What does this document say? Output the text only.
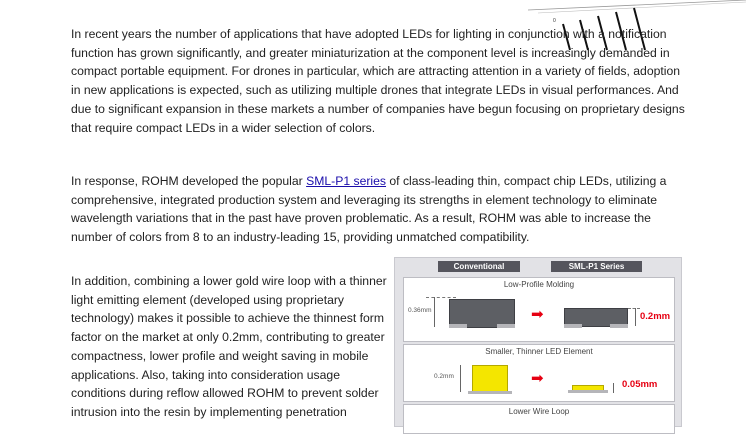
0

In recent years the number of applications that have adopted LEDs for lighting in conjunction with a notification function has grown significantly, and greater miniaturization at the component level is increasingly demanded in compact portable equipment. For drones in particular, which are attracting attention in a variety of fields, adoption in new applications is expected, such as utilizing multiple drones that integrate LEDs in visual performances. And due to significant expansion in these markets a number of companies have begun focusing on proprietary designs that require compact LEDs in a wider selection of colors.

In response, ROHM developed the popular SML-P1 series of class-leading thin, compact chip LEDs, utilizing a comprehensive, integrated production system and leveraging its strengths in element technology to eliminate wavelength variations that in the past have proven problematic. As a result, ROHM was able to increase the number of colors from 8 to an industry-leading 15, providing unmatched compatibility.

In addition, combining a lower gold wire loop with a thinner light emitting element (developed using proprietary technology) makes it possible to achieve the thinnest form factor on the market at only 0.2mm, contributing to greater compactness, lower profile and weight saving in mobile applications. Also, taking into consideration usage conditions during reflow allowed ROHM to prevent solder intrusion into the resin by implementing penetration

Conventional	SML-P1 Series
Low-Profile Molding
0.36mm	➡	0.2mm
Smaller, Thinner LED Element
0.2mm	➡	0.05mm
Lower Wire Loop
